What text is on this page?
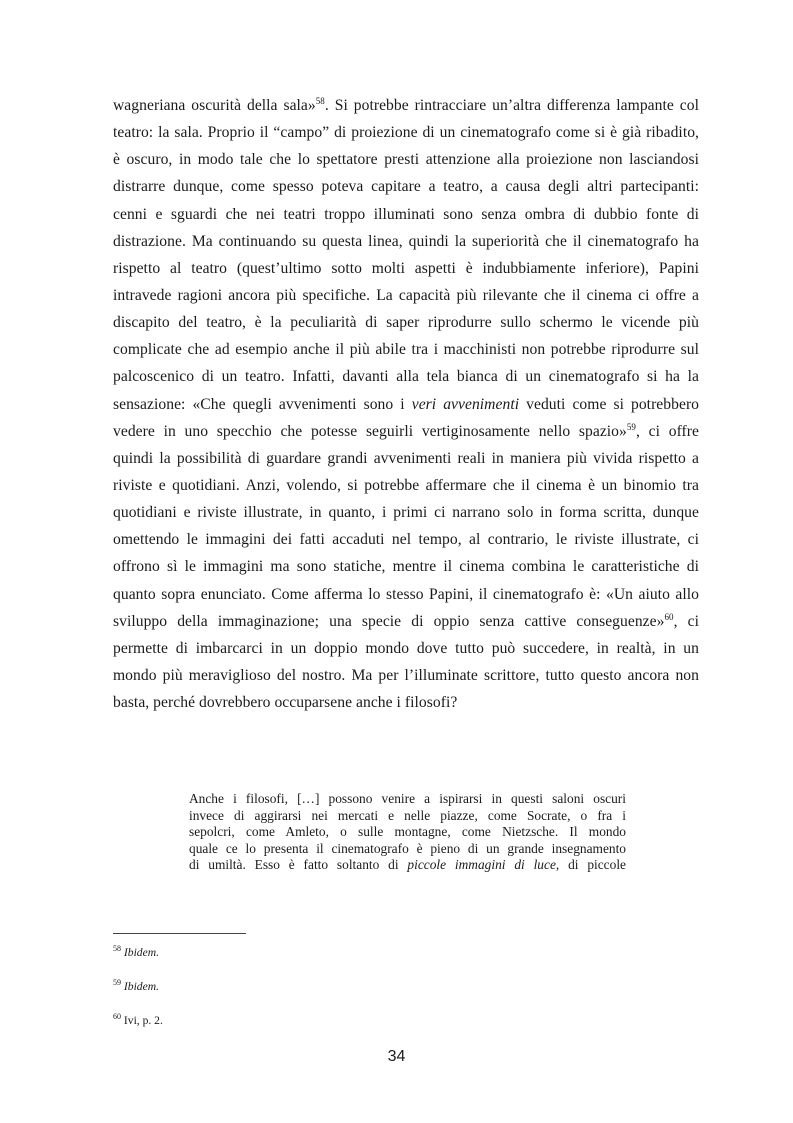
wagneriana oscurità della sala»$^{58}$. Si potrebbe rintracciare un’altra differenza lampante col
teatro: la sala. Proprio il “campo” di proiezione di un cinematografo come si è già ribadito,
è oscuro, in modo tale che lo spettatore presti attenzione alla proiezione non lasciandosi
distrarre dunque, come spesso poteva capitare a teatro, a causa degli altri partecipanti:
cenni e sguardi che nei teatri troppo illuminati sono senza ombra di dubbio fonte di
distrazione. Ma continuando su questa linea, quindi la superiorità che il cinematografo ha
rispetto al teatro (quest’ultimo sotto molti aspetti è indubbiamente inferiore), Papini
intravede ragioni ancora più specifiche. La capacità più rilevante che il cinema ci offre a
discapito del teatro, è la peculiarità di saper riprodurre sullo schermo le vicende più
complicate che ad esempio anche il più abile tra i macchinisti non potrebbe riprodurre sul
palcoscenico di un teatro. Infatti, davanti alla tela bianca di un cinematografo si ha la
sensazione: «Che quegli avvenimenti sono i veri avvenimenti veduti come si potrebbero
vedere in uno specchio che potesse seguirli vertiginosamente nello spazio»$^{59}$, ci offre
quindi la possibilità di guardare grandi avvenimenti reali in maniera più vivida rispetto a
riviste e quotidiani. Anzi, volendo, si potrebbe affermare che il cinema è un binomio tra
quotidiani e riviste illustrate, in quanto, i primi ci narrano solo in forma scritta, dunque
omettendo le immagini dei fatti accaduti nel tempo, al contrario, le riviste illustrate, ci
offrono sì le immagini ma sono statiche, mentre il cinema combina le caratteristiche di
quanto sopra enunciato. Come afferma lo stesso Papini, il cinematografo è: «Un aiuto allo
sviluppo della immaginazione; una specie di oppio senza cattive conseguenze»$^{60}$, ci
permette di imbarcarci in un doppio mondo dove tutto può succedere, in realtà, in un
mondo più meraviglioso del nostro. Ma per l’illuminate scrittore, tutto questo ancora non
basta, perché dovrebbero occuparsene anche i filosofi?
Anche i filosofi, […] possono venire a ispirarsi in questi saloni oscuri
invece di aggirarsi nei mercati e nelle piazze, come Socrate, o fra i
sepolcri, come Amleto, o sulle montagne, come Nietzsche. Il mondo
quale ce lo presenta il cinematografo è pieno di un grande insegnamento
di umiltà. Esso è fatto soltanto di piccole immagini di luce, di piccole
$^{58}$ Ibidem.
$^{59}$ Ibidem.
$^{60}$ Ivi, p. 2.
34
